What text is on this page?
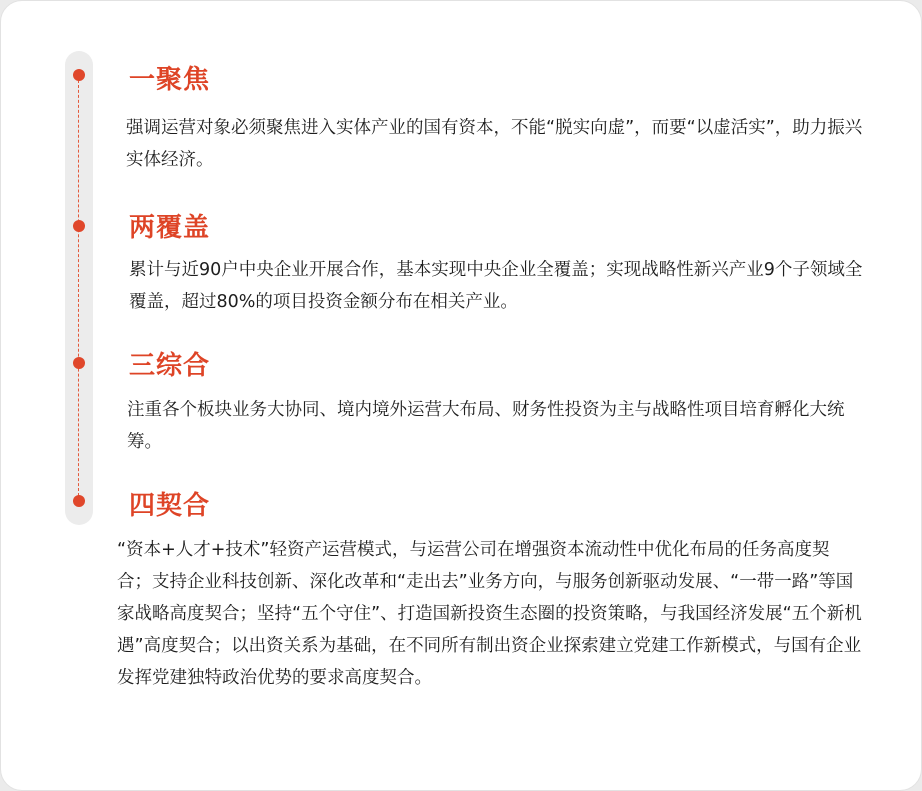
一聚焦
强调运营对象必须聚焦进入实体产业的国有资本，不能“脱实向虚”，而要“以虚活实”，助力振兴实体经济。
两覆盖
累计与近90户中央企业开展合作，基本实现中央企业全覆盖；实现战略性新兴产业9个子领域全覆盖，超过80%的项目投资金额分布在相关产业。
三综合
注重各个板块业务大协同、境内境外运营大布局、财务性投资为主与战略性项目培育孵化大统筹。
四契合
“资本+人才+技术”轻资产运营模式，与运营公司在增强资本流动性中优化布局的任务高度契合；支持企业科技创新、深化改革和“走出去”业务方向，与服务创新驱动发展、“一带一路”等国家战略高度契合；坚持“五个守住”、打造国新投资生态圈的投资策略，与我国经济发展“五个新机遇”高度契合；以出资关系为基础，在不同所有制出资企业探索建立党建工作新模式，与国有企业发挥党建独特政治优势的要求高度契合。
